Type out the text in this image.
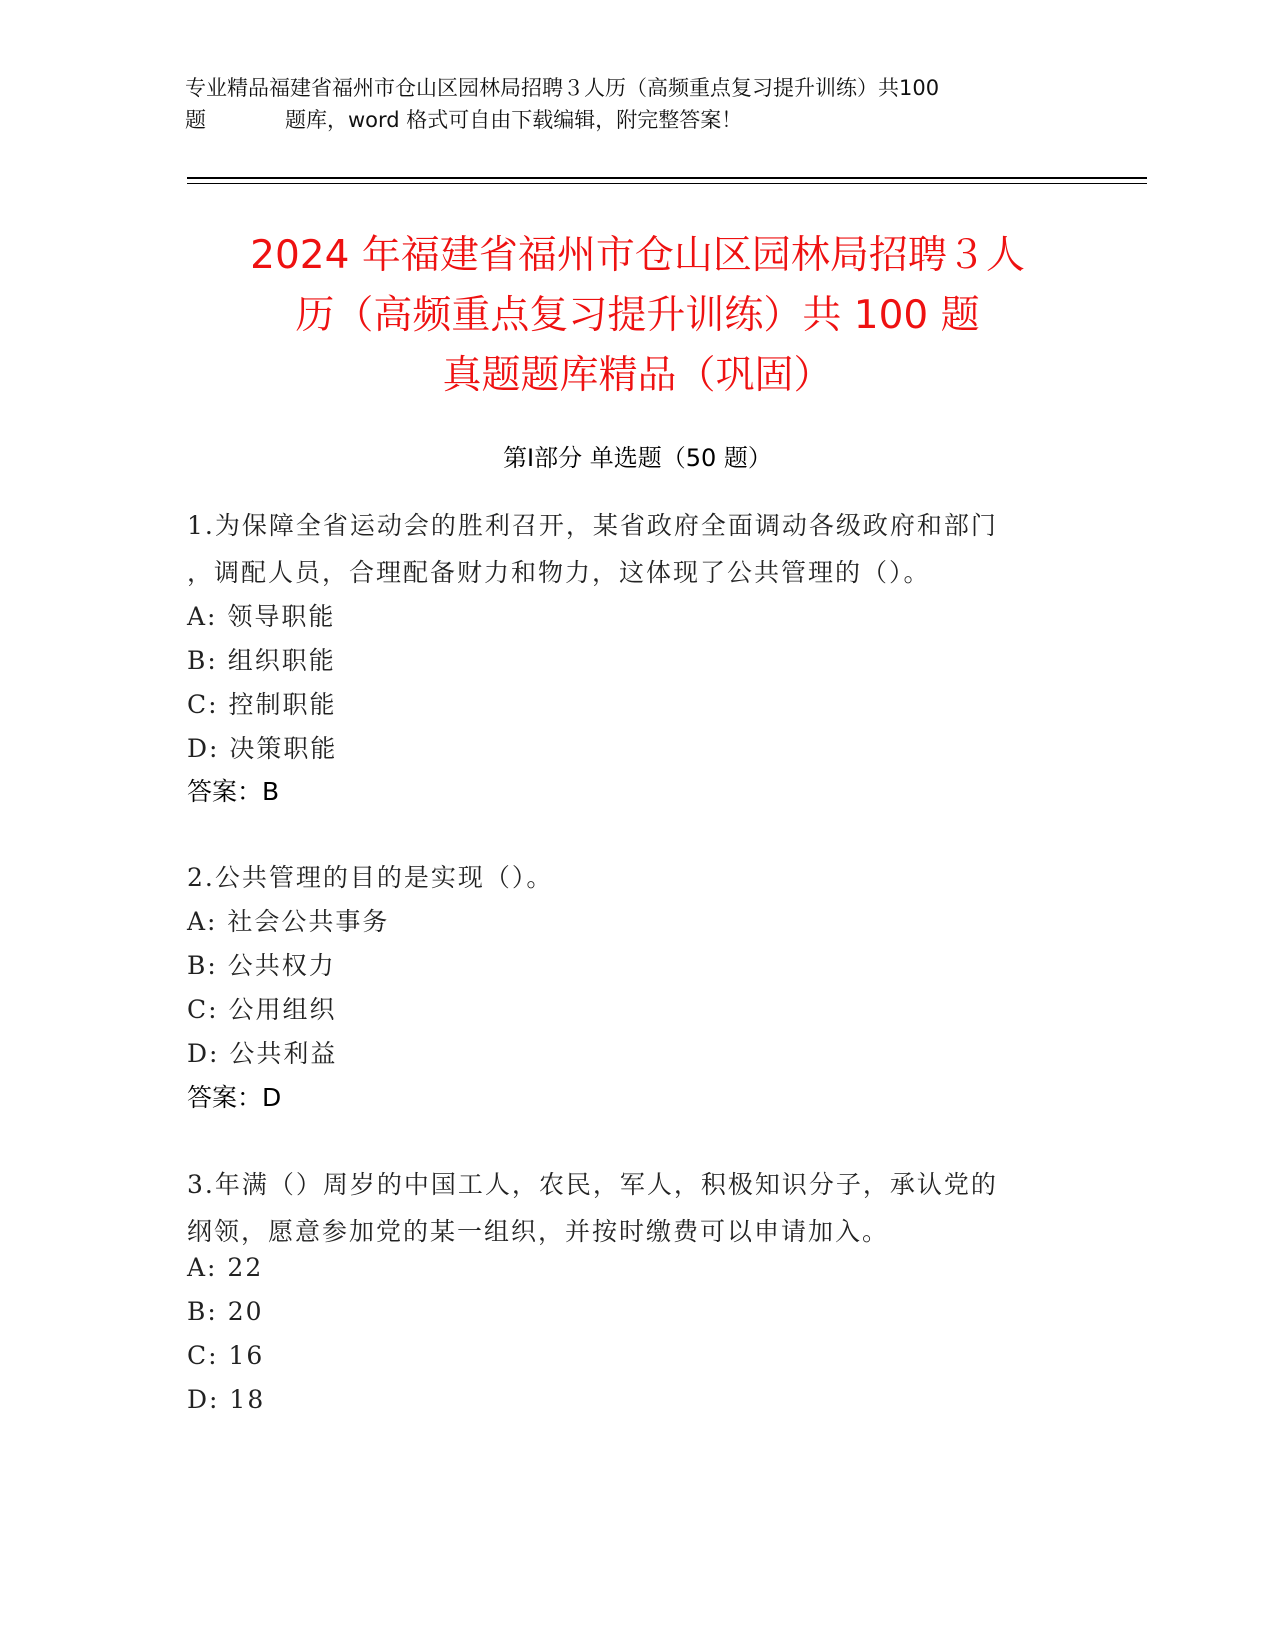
专业精品福建省福州市仓山区园林局招聘３人历（高频重点复习提升训练）共100
题	题库，word 格式可自由下载编辑，附完整答案！
2024 年福建省福州市仓山区园林局招聘３人
历（高频重点复习提升训练）共 100 题
真题题库精品（巩固）
第Ⅰ部分 单选题（50 题）
1.为保障全省运动会的胜利召开，某省政府全面调动各级政府和部门
，调配人员，合理配备财力和物力，这体现了公共管理的（）。
A: 领导职能
B: 组织职能
C: 控制职能
D: 决策职能
答案：B
2.公共管理的目的是实现（）。
A: 社会公共事务
B: 公共权力
C: 公用组织
D: 公共利益
答案：D
3.年满（）周岁的中国工人，农民，军人，积极知识分子，承认党的
纲领，愿意参加党的某一组织，并按时缴费可以申请加入。
A: 22
B: 20
C: 16
D: 18
